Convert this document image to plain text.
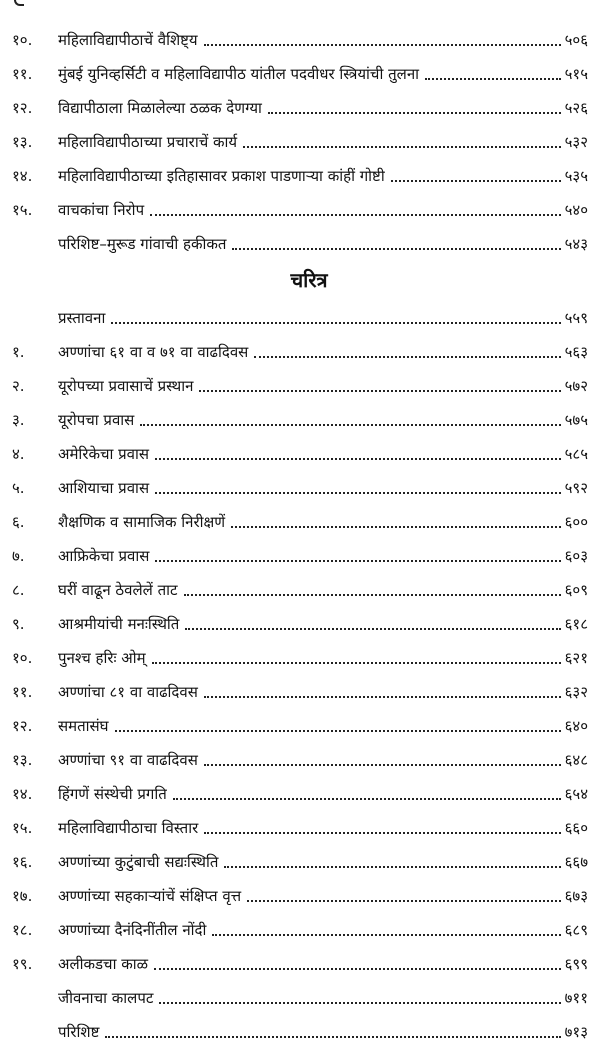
१०.	महिलाविद्यापीठाचें वैशिष्ट्य	५०६
११.	मुंबई युनिव्हर्सिटी व महिलाविद्यापीठ यांतील पदवीधर स्त्रियांची तुलना	५१५
१२.	विद्यापीठाला मिळालेल्या ठळक देणग्या	५२६
१३.	महिलाविद्यापीठाच्या प्रचाराचें कार्य	५३२
१४.	महिलाविद्यापीठाच्या इतिहासावर प्रकाश पाडणाऱ्या कांहीं गोष्टी	५३५
१५.	वाचकांचा निरोप	५४०
परिशिष्ट–मुरूड गांवाची हकीकत	५४३
चरित्र
प्रस्तावना	५५९
१.	अण्णांचा ६१ वा व ७१ वा वाढदिवस	५६३
२.	यूरोपच्या प्रवासाचें प्रस्थान	५७२
३.	यूरोपचा प्रवास	५७५
४.	अमेरिकेचा प्रवास	५८५
५.	आशियाचा प्रवास	५९२
६.	शैक्षणिक व सामाजिक निरीक्षणें	६००
७.	आफ्रिकेचा प्रवास	६०३
८.	घरीं वाढून ठेवलेलें ताट	६०९
९.	आश्रमीयांची मनःस्थिति	६१८
१०.	पुनश्च हरिः ओम्	६२१
११.	अण्णांचा ८१ वा वाढदिवस	६३२
१२.	समतासंघ	६४०
१३.	अण्णांचा ९१ वा वाढदिवस	६४८
१४.	हिंगणें संस्थेची प्रगति	६५४
१५.	महिलाविद्यापीठाचा विस्तार	६६०
१६.	अण्णांच्या कुटुंबाची सद्यःस्थिति	६६७
१७.	अण्णांच्या सहकाऱ्यांचें संक्षिप्त वृत्त	६७३
१८.	अण्णांच्या दैनंदिनींतील नोंदी	६८९
१९.	अलीकडचा काळ	६९९
जीवनाचा कालपट	७११
परिशिष्ट	७१३
